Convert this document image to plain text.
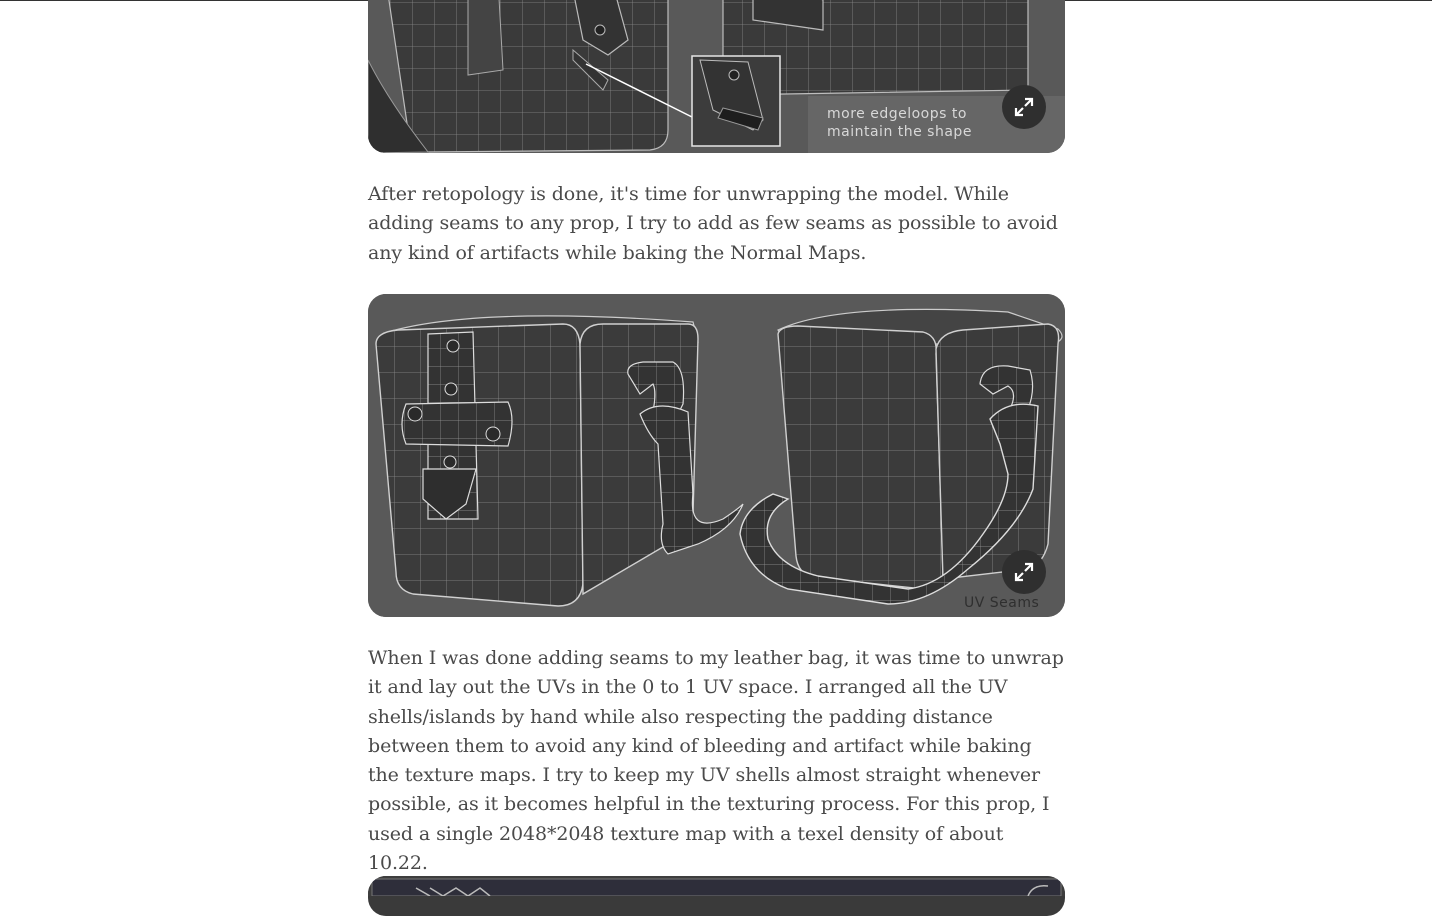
more edgeloops to
maintain the shape

After retopology is done, it's time for unwrapping the model. While adding seams to any prop, I try to add as few seams as possible to avoid any kind of artifacts while baking the Normal Maps.

UV Seams

When I was done adding seams to my leather bag, it was time to unwrap it and lay out the UVs in the 0 to 1 UV space. I arranged all the UV shells/islands by hand while also respecting the padding distance between them to avoid any kind of bleeding and artifact while baking the texture maps. I try to keep my UV shells almost straight whenever possible, as it becomes helpful in the texturing process. For this prop, I used a single 2048*2048 texture map with a texel density of about 10.22.
